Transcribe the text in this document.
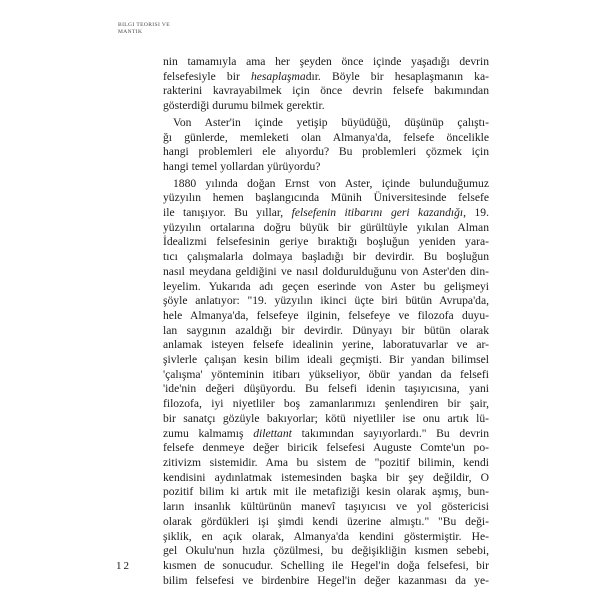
BILGI TEORISI VE
MANTIK

nin tamamıyla ama her şeyden önce içinde yaşadığı devrin
felsefesiyle bir hesaplaşmadır. Böyle bir hesaplaşmanın ka-
rakterini kavrayabilmek için önce devrin felsefe bakımından
gösterdiği durumu bilmek gerektir.

Von Aster'in içinde yetişip büyüdüğü, düşünüp çalıştı-
ğı günlerde, memleketi olan Almanya'da, felsefe öncelikle
hangi problemleri ele alıyordu? Bu problemleri çözmek için
hangi temel yollardan yürüyordu?

1880 yılında doğan Ernst von Aster, içinde bulunduğumuz
yüzyılın hemen başlangıcında Münih Üniversitesinde felsefe
ile tanışıyor. Bu yıllar, felsefenin itibarını geri kazandığı, 19.
yüzyılın ortalarına doğru büyük bir gürültüyle yıkılan Alman
İdealizmi felsefesinin geriye bıraktığı boşluğun yeniden yara-
tıcı çalışmalarla dolmaya başladığı bir devirdir. Bu boşluğun
nasıl meydana geldiğini ve nasıl doldurulduğunu von Aster'den din-
leyelim. Yukarıda adı geçen eserinde von Aster bu gelişmeyi
şöyle anlatıyor: "19. yüzyılın ikinci üçte biri bütün Avrupa'da,
hele Almanya'da, felsefeye ilginin, felsefeye ve filozofa duyu-
lan saygının azaldığı bir devirdir. Dünyayı bir bütün olarak
anlamak isteyen felsefe idealinin yerine, laboratuvarlar ve ar-
şivlerle çalışan kesin bilim ideali geçmişti. Bir yandan bilimsel
'çalışma' yönteminin itibarı yükseliyor, öbür yandan da felsefi
'ide'nin değeri düşüyordu. Bu felsefi idenin taşıyıcısına, yani
filozofa, iyi niyetliler boş zamanlarımızı şenlendiren bir şair,
bir sanatçı gözüyle bakıyorlar; kötü niyetliler ise onu artık lü-
zumu kalmamış dilettant takımından sayıyorlardı." Bu devrin
felsefe denmeye değer biricik felsefesi Auguste Comte'un po-
zitivizm sistemidir. Ama bu sistem de "pozitif bilimin, kendi
kendisini aydınlatmak istemesinden başka bir şey değildir, O
pozitif bilim ki artık mit ile metafiziği kesin olarak aşmış, bun-
ların insanlık kültürünün manevî taşıyıcısı ve yol göstericisi
olarak gördükleri işi şimdi kendi üzerine almıştı." "Bu deği-
şiklik, en açık olarak, Almanya'da kendini göstermiştir. He-
gel Okulu'nun hızla çözülmesi, bu değişikliğin kısmen sebebi,
kısmen de sonucudur. Schelling ile Hegel'in doğa felsefesi, bir
bilim felsefesi ve birdenbire Hegel'in değer kazanması da ye-

12
